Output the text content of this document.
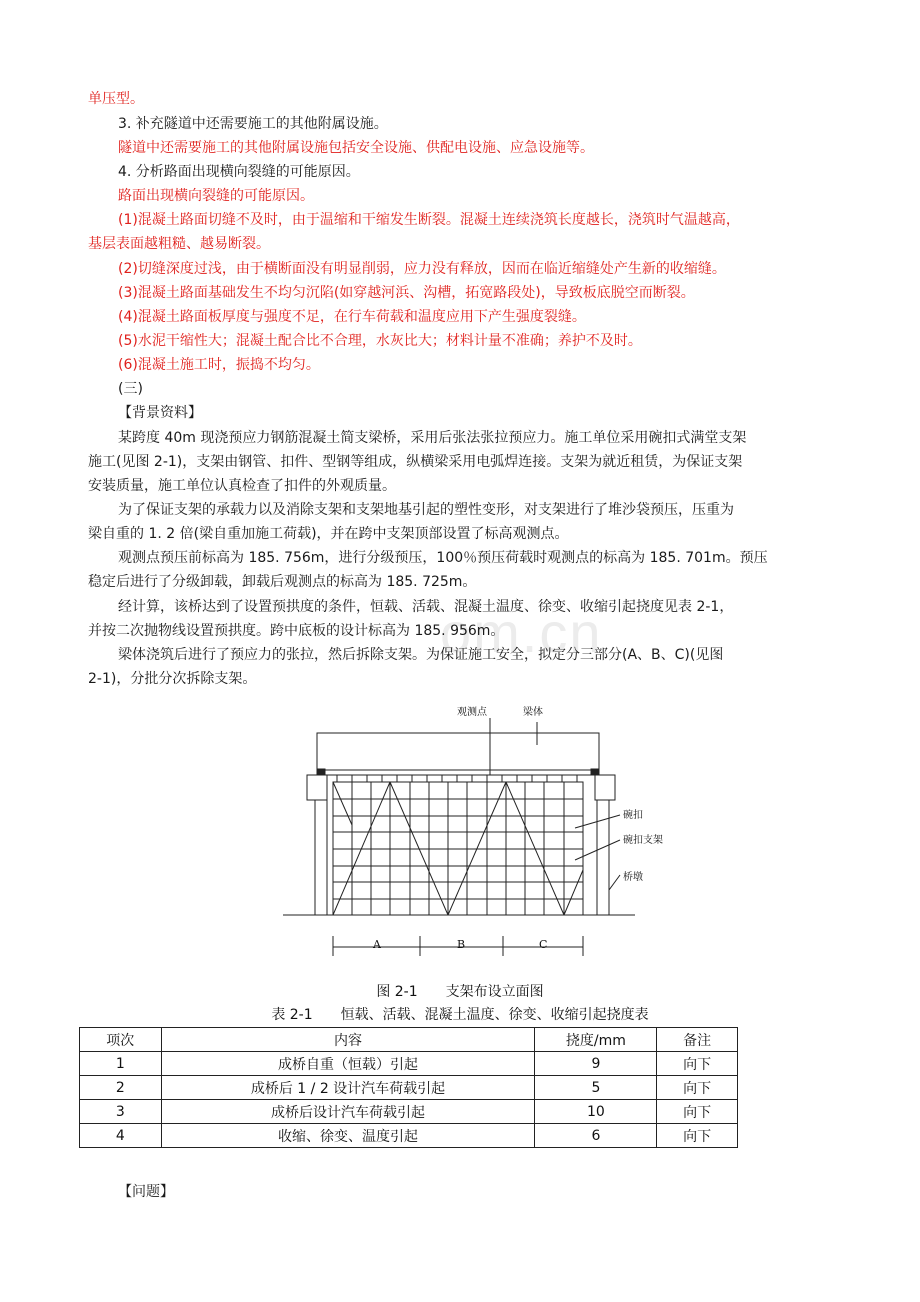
om.cn
单压型。
3. 补充隧道中还需要施工的其他附属设施。
隧道中还需要施工的其他附属设施包括安全设施、供配电设施、应急设施等。
4. 分析路面出现横向裂缝的可能原因。
路面出现横向裂缝的可能原因。
(1)混凝土路面切缝不及时，由于温缩和干缩发生断裂。混凝土连续浇筑长度越长，浇筑时气温越高，
基层表面越粗糙、越易断裂。
(2)切缝深度过浅，由于横断面没有明显削弱，应力没有释放，因而在临近缩缝处产生新的收缩缝。
(3)混凝土路面基础发生不均匀沉陷(如穿越河浜、沟槽，拓宽路段处)，导致板底脱空而断裂。
(4)混凝土路面板厚度与强度不足，在行车荷载和温度应用下产生强度裂缝。
(5)水泥干缩性大；混凝土配合比不合理，水灰比大；材料计量不准确；养护不及时。
(6)混凝土施工时，振捣不均匀。
(三)
【背景资料】
某跨度 40m 现浇预应力钢筋混凝土简支梁桥，采用后张法张拉预应力。施工单位采用碗扣式满堂支架
施工(见图 2-1)，支架由钢管、扣件、型钢等组成，纵横梁采用电弧焊连接。支架为就近租赁，为保证支架
安装质量，施工单位认真检查了扣件的外观质量。
为了保证支架的承载力以及消除支架和支架地基引起的塑性变形，对支架进行了堆沙袋预压，压重为
梁自重的 1. 2 倍(梁自重加施工荷载)，并在跨中支架顶部设置了标高观测点。
观测点预压前标高为 185. 756m，进行分级预压，100％预压荷载时观测点的标高为 185. 701m。预压
稳定后进行了分级卸载，卸载后观测点的标高为 185. 725m。
经计算，该桥达到了设置预拱度的条件，恒载、活载、混凝土温度、徐变、收缩引起挠度见表 2-1，
并按二次抛物线设置预拱度。跨中底板的设计标高为 185. 956m。
梁体浇筑后进行了预应力的张拉，然后拆除支架。为保证施工安全，拟定分三部分(A、B、C)(见图
2-1)，分批分次拆除支架。
观测点	梁体
碗扣
碗扣支架
桥墩
A	B	C
图 2-1　　支架布设立面图
表 2-1　　恒载、活载、混凝土温度、徐变、收缩引起挠度表
项次	内容	挠度/mm	备注
1	成桥自重（恒载）引起	9	向下
2	成桥后 1 / 2 设计汽车荷载引起	5	向下
3	成桥后设计汽车荷载引起	10	向下
4	收缩、徐变、温度引起	6	向下
【问题】
